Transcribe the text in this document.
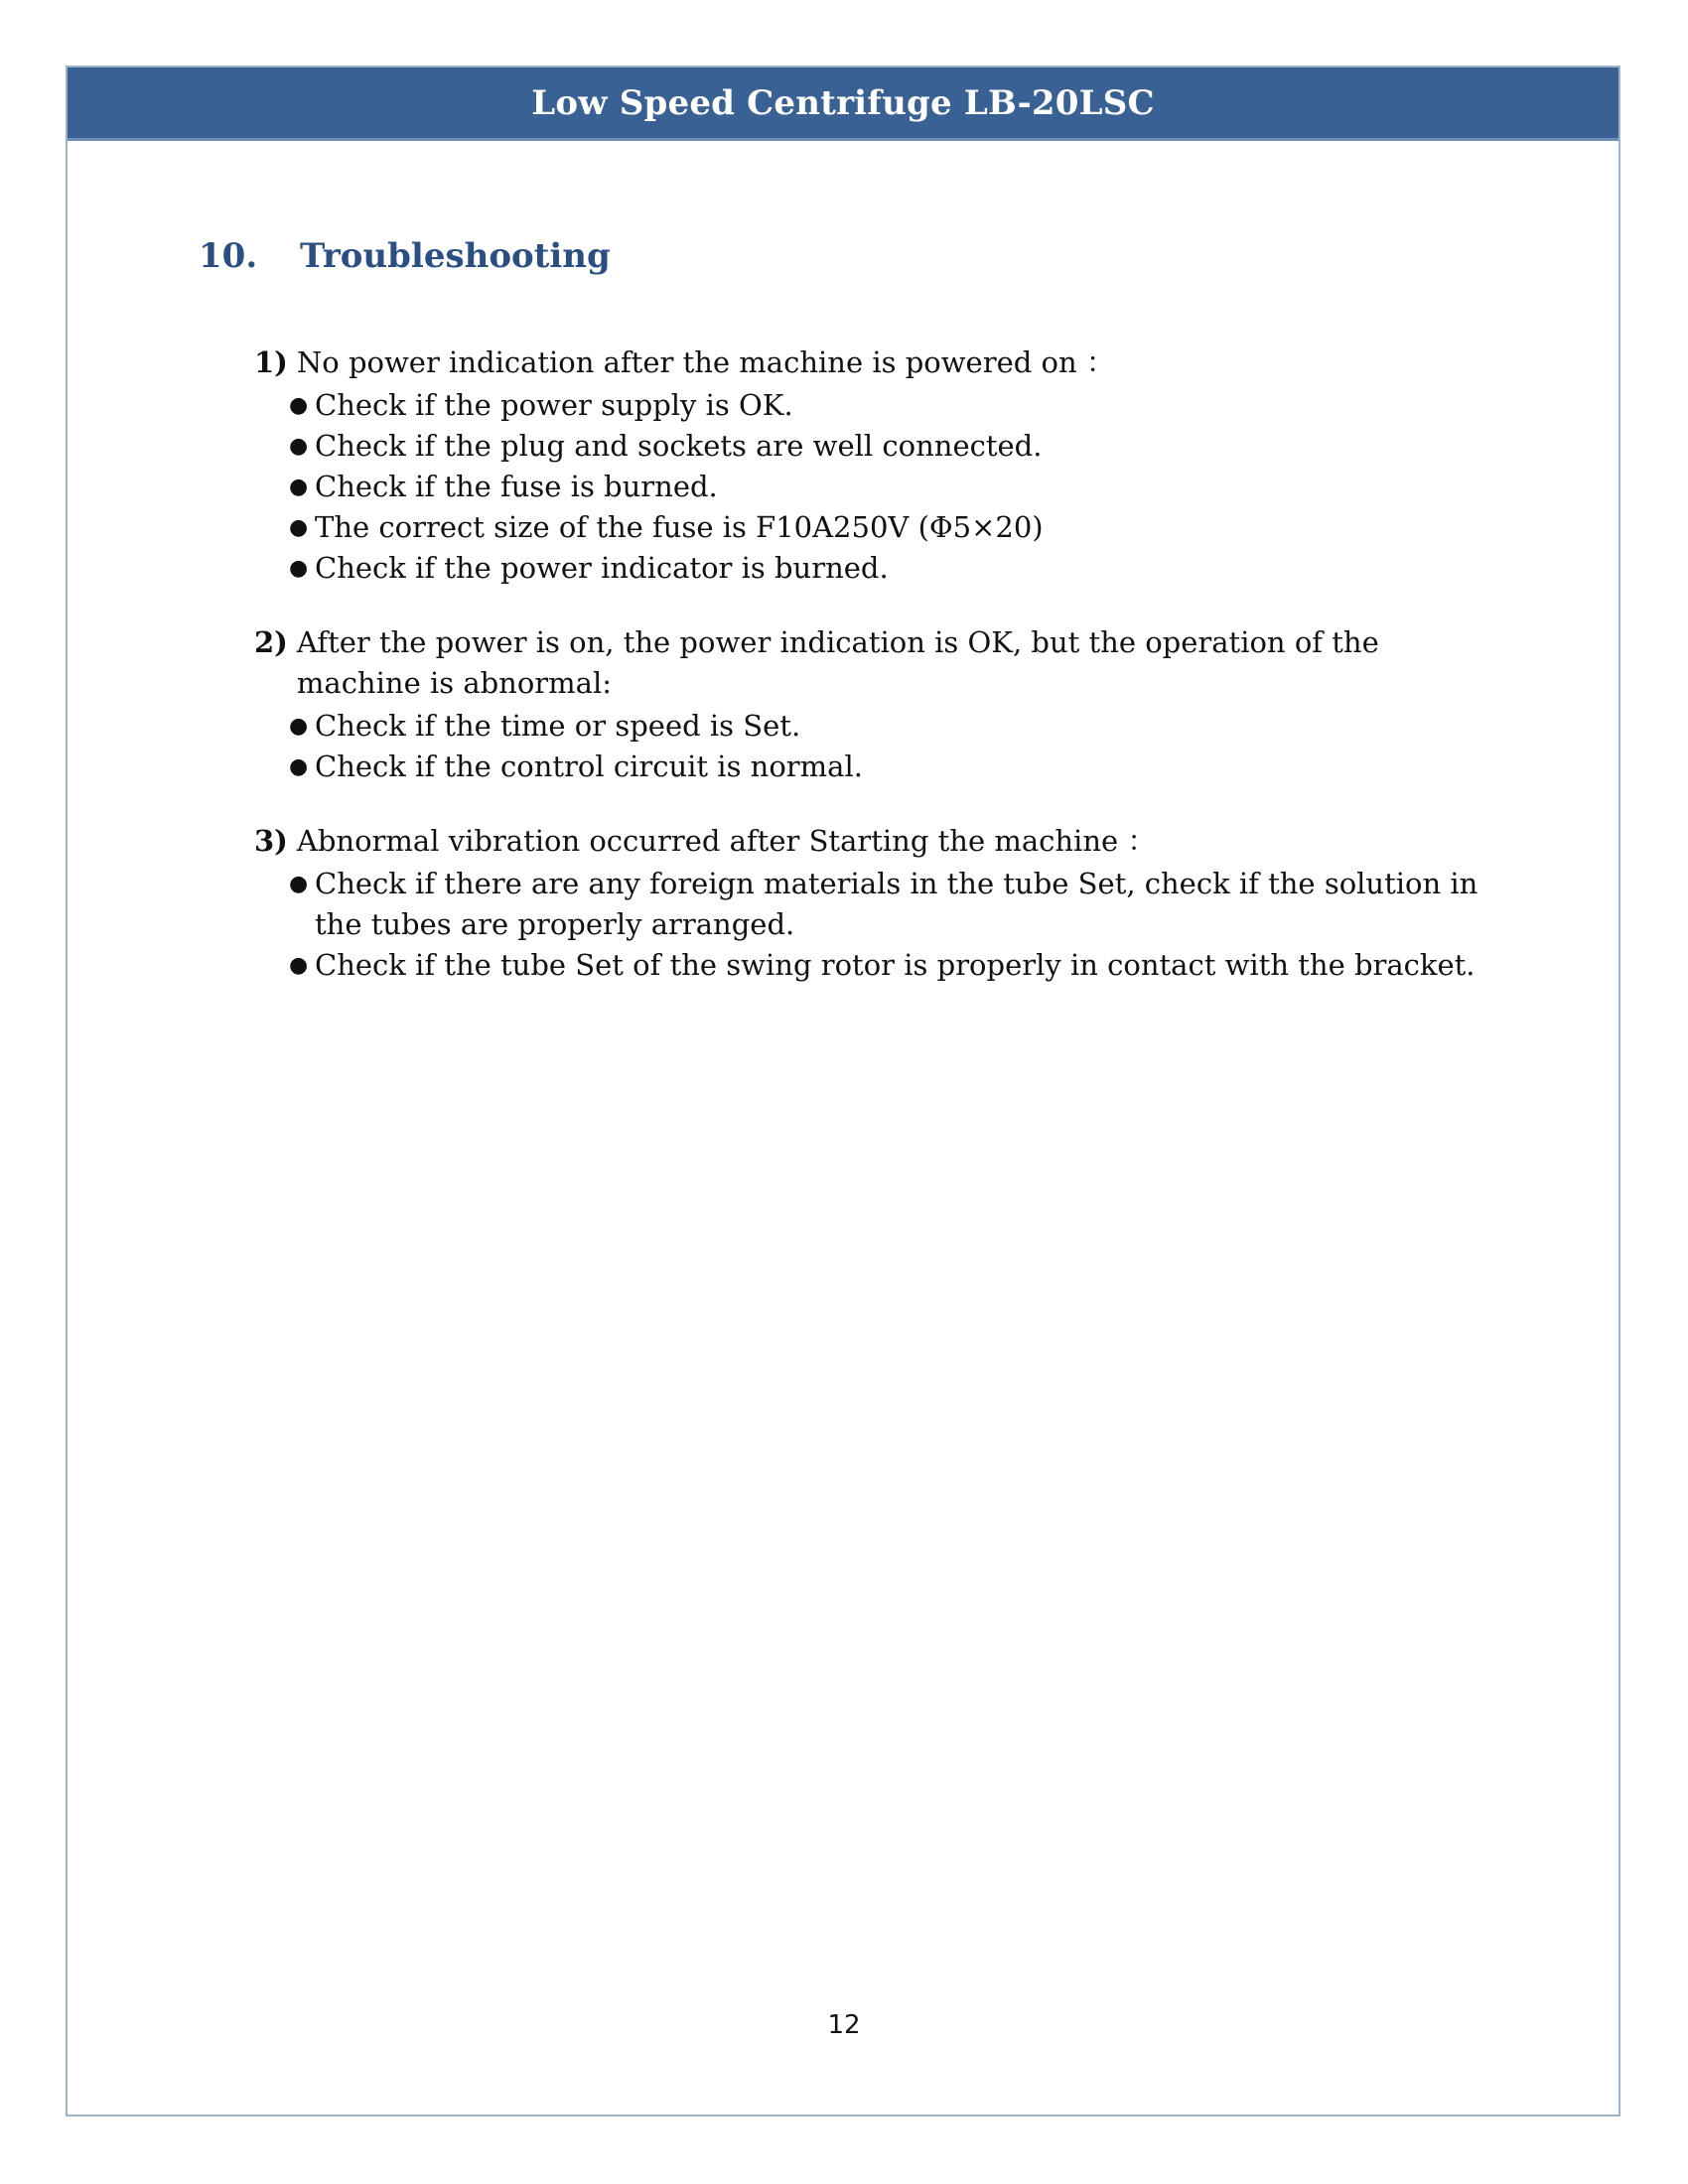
Low Speed Centrifuge LB-20LSC
10.	Troubleshooting
1) No power indication after the machine is powered on ：
● Check if the power supply is OK.
● Check if the plug and sockets are well connected.
● Check if the fuse is burned.
● The correct size of the fuse is F10A250V (Φ5×20)
● Check if the power indicator is burned.
2) After the power is on, the power indication is OK, but the operation of the machine is abnormal:
● Check if the time or speed is Set.
● Check if the control circuit is normal.
3) Abnormal vibration occurred after Starting the machine ：
● Check if there are any foreign materials in the tube Set, check if the solution in the tubes are properly arranged.
● Check if the tube Set of the swing rotor is properly in contact with the bracket.
12
